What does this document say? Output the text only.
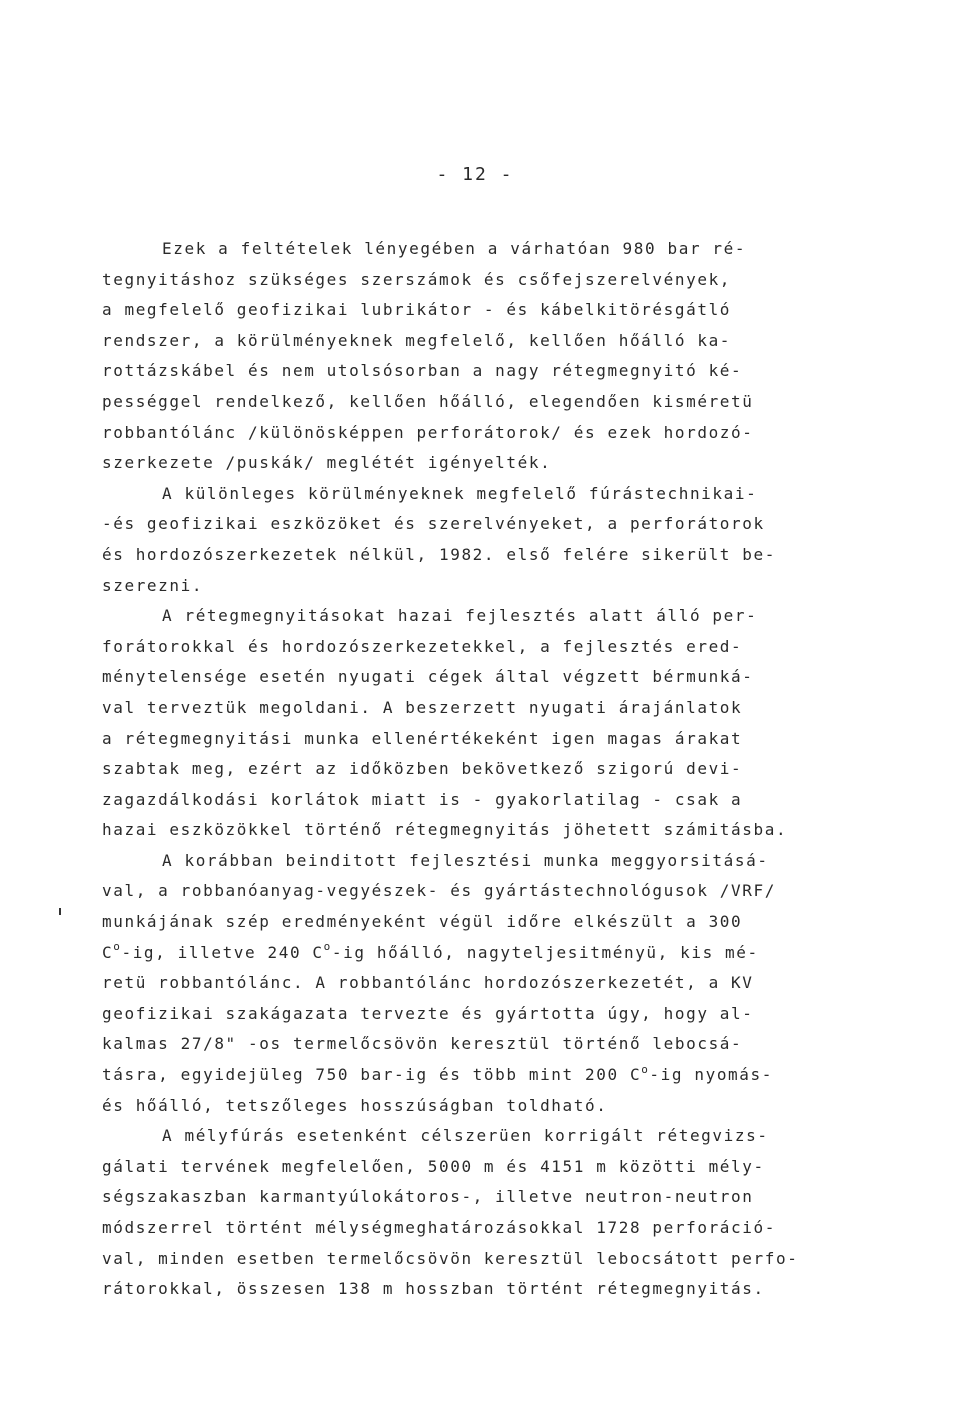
- 12 -
Ezek a feltételek lényegében a várhatóan 980 bar ré-
tegnyitáshoz szükséges szerszámok és csőfejszerelvények,
a megfelelő geofizikai lubrikátor - és kábelkitörésgátló
rendszer, a körülményeknek megfelelő, kellően hőálló ka-
rottázskábel és nem utolsósorban a nagy rétegmegnyitó ké-
pességgel rendelkező, kellően hőálló, elegendően kisméretü
robbantólánc /különösképpen perforátorok/ és ezek hordozó-
szerkezete /puskák/ meglétét igényelték.
A különleges körülményeknek megfelelő fúrástechnikai-
-és geofizikai eszközöket és szerelvényeket, a perforátorok
és hordozószerkezetek nélkül, 1982. első felére sikerült be-
szerezni.
A rétegmegnyitásokat hazai fejlesztés alatt álló per-
forátorokkal és hordozószerkezetekkel, a fejlesztés ered-
ménytelensége esetén nyugati cégek által végzett bérmunká-
val terveztük megoldani. A beszerzett nyugati árajánlatok
a rétegmegnyitási munka ellenértékeként igen magas árakat
szabtak meg, ezért az időközben bekövetkező szigorú devi-
zagazdálkodási korlátok miatt is - gyakorlatilag - csak a
hazai eszközökkel történő rétegmegnyitás jöhetett számitásba.
A korábban beinditott fejlesztési munka meggyorsitásá-
val, a robbanóanyag-vegyészek- és gyártástechnológusok /VRF/
munkájának szép eredményeként végül időre elkészült a 300
$C^o-ig$, illetve 240 $C^o-ig$ hőálló, nagyteljesitményü, kis mé-
retü robbantólánc. A robbantólánc hordozószerkezetét, a KV
geofizikai szakágazata tervezte és gyártotta úgy, hogy al-
kalmas 27/8" -os termelőcsövön keresztül történő lebocsá-
tásra, egyidejüleg 750 bar-ig és több mint 200 $C^o-ig$ nyomás-
és hőálló, tetszőleges hosszúságban toldható.
A mélyfúrás esetenként célszerüen korrigált rétegvizs-
gálati tervének megfelelően, 5000 m és 4151 m közötti mély-
ségszakaszban karmantyúlokátoros-, illetve neutron-neutron
módszerrel történt mélységmeghatározásokkal 1728 perforáció-
val, minden esetben termelőcsövön keresztül lebocsátott perfo-
rátorokkal, összesen 138 m hosszban történt rétegmegnyitás.
